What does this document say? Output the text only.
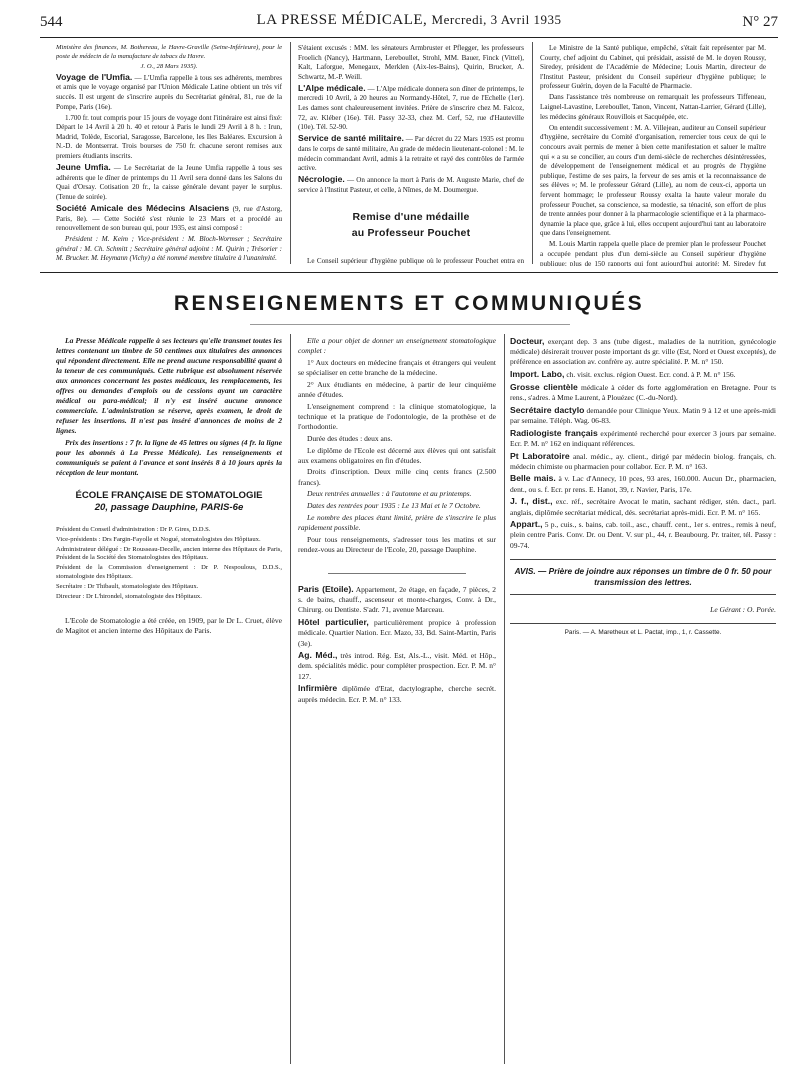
544	LA PRESSE MÉDICALE, Mercredi, 3 Avril 1935	N° 27

Ministère des finances, M. Bothereau, le Havre-Graville (Seine-Inférieure), pour le poste de médecin de la manufacture de tabacs du Havre.

J. O., 28 Mars 1935).

Voyage de l'Umfia. — L'Umfia rappelle à tous ses adhérents, membres et amis que le voyage organisé par l'Union Médicale Latine obtient un très vif succès. Il est urgent de s'inscrire auprès du Secrétariat général, 81, rue de la Pompe, Paris (16e).

1.700 fr. tout compris pour 15 jours de voyage dont l'itinéraire est ainsi fixé: Départ le 14 Avril à 20 h. 40 et retour à Paris le lundi 29 Avril à 8 h. : Irun, Madrid, Tolède, Escorial, Saragosse, Barcelone, les Iles Baléares. Excursion à N.-D. de Montserrat. Trois bourses de 750 fr. chacune seront remises aux premiers étudiants inscrits.

Jeune Umfia. — Le Secrétariat de la Jeune Umfia rappelle à tous ses adhérents que le dîner de printemps du 11 Avril sera donné dans les Salons du Quai d'Orsay. Cotisation 20 fr., la caisse générale devant payer le surplus. (Tenue de soirée).

Société Amicale des Médecins Alsaciens (9, rue d'Astorg, Paris, 8e). — Cette Société s'est réunie le 23 Mars et a procédé au renouvellement de son bureau qui, pour 1935, est ainsi composé :

Président : M. Keim ; Vice-président : M. Bloch-Wormser ; Secrétaire général : M. Ch. Schmitt ; Secrétaire général adjoint : M. Quirin ; Trésorier : M. Brucker. M. Heymann (Vichy) a été nommé membre titulaire à l'unanimité.

S'étaient excusés : MM. les sénateurs Armbruster et Pflegger, les professeurs Froelich (Nancy), Hartmann, Lereboullet, Strohl, MM. Bauer, Finck (Vittel), Kalt, Laforgue, Menegaux, Merklen (Aix-les-Bains), Quirin, Brucker, A. Schwartz, M.-P. Weill.

L'Alpe médicale. — L'Alpe médicale donnera son dîner de printemps, le mercredi 10 Avril, à 20 heures au Normandy-Hôtel, 7, rue de l'Echelle (1er). Les dames sont chaleureusement invitées. Prière de s'inscrire chez M. Falcoz, 72, av. Kléber (16e). Tél. Passy 32-33, chez M. Cerf, 52, rue d'Hauteville (10e). Tél. 52-90.

Service de santé militaire. — Par décret du 22 Mars 1935 est promu dans le corps de santé militaire, Au grade de médecin lieutenant-colonel : M. le médecin commandant Avril, admis à la retraite et rayé des contrôles de l'armée active.

Nécrologie. — On annonce la mort à Paris de M. Auguste Marie, chef de service à l'Institut Pasteur, et celle, à Nîmes, de M. Doumergue.

Remise d'une médaille
au Professeur Pouchet

Le Conseil supérieur d'hygiène publique où le professeur Pouchet entra en

Le Ministre de la Santé publique, empêché, s'était fait représenter par M. Courty, chef adjoint du Cabinet, qui présidait, assisté de M. le doyen Roussy, Siredey, président de l'Académie de Médecine; Louis Martin, directeur de l'Institut Pasteur, président du Conseil supérieur d'hygiène publique; le professeur Guérin, doyen de la Faculté de Pharmacie.

Dans l'assistance très nombreuse on remarquait les professeurs Tiffeneau, Laignel-Lavastine, Lereboullet, Tanon, Vincent, Nattan-Larrier, Gérard (Lille), les médecins généraux Rouvillois et Sacquépée, etc.

On entendit successivement : M. A. Villejean, auditeur au Conseil supérieur d'hygiène, secrétaire du Comité d'organisation, remercier tous ceux de qui le concours avait permis de mener à bien cette manifestation et saluer le maître qui « a su se concilier, au cours d'un demi-siècle de recherches désintéressées, de développement de l'enseignement médical et au progrès de l'hygiène publique, l'estime de ses pairs, la ferveur de ses amis et la reconnaissance de ses élèves »; M. le professeur Gérard (Lille), au nom de ceux-ci, apporta un fervent hommage; le professeur Roussy exalta la haute valeur morale du professeur Pouchet, sa conscience, sa modestie, sa ténacité, son effort de plus de trente années pour donner à la pharmacologie scientifique et à la pharmaco-dynamie la place que, grâce à lui, elles occupent aujourd'hui tant au laboratoire que dans l'enseignement.

M. Louis Martin rappela quelle place de premier plan le professeur Pouchet a occupée pendant plus d'un demi-siècle au Conseil supérieur d'hygiène publique: plus de 150 rapports qui font aujourd'hui autorité; M. Siredey fut

RENSEIGNEMENTS ET COMMUNIQUÉS

La Presse Médicale rappelle à ses lecteurs qu'elle transmet toutes les lettres contenant un timbre de 50 centimes aux titulaires des annonces qui répondent directement. Elle ne prend aucune responsabilité quant à la teneur de ces communiqués. Cette rubrique est absolument réservée aux annonces concernant les postes médicaux, les remplacements, les offres ou demandes d'emplois ou de cessions ayant un caractère médical ou para-médical; il n'y est inséré aucune annonce commerciale. L'administration se réserve, après examen, le droit de refuser les insertions. Il n'est pas inséré d'annonces de moins de 2 lignes.

Prix des insertions : 7 fr. la ligne de 45 lettres ou signes (4 fr. la ligne pour les abonnés à La Presse Médicale). Les renseignements et communiqués se paient à l'avance et sont insérés 8 à 10 jours après la réception de leur montant.

ÉCOLE FRANÇAISE DE STOMATOLOGIE
20, passage Dauphine, PARIS-6e

Président du Conseil d'administration : Dr P. Gires, D.D.S.

Vice-présidents : Drs Fargin-Fayolle et Nogué, stomatologistes des Hôpitaux.

Administrateur délégué : Dr Rousseau-Decelle, ancien interne des Hôpitaux de Paris, Président de la Société des Stomatologistes des Hôpitaux.

Président de la Commission d'enseignement : Dr P. Nespoulous, D.D.S., stomatologiste des Hôpitaux.

Secrétaire : Dr Thibault, stomatologiste des Hôpitaux.

Directeur : Dr L'hirondel, stomatologiste des Hôpitaux.

L'Ecole de Stomatologie a été créée, en 1909, par le Dr L. Cruet, élève de Magitot et ancien interne des Hôpitaux de Paris.

Elle a pour objet de donner un enseignement stomatologique complet :

1° Aux docteurs en médecine français et étrangers qui veulent se spécialiser en cette branche de la médecine.

2° Aux étudiants en médecine, à partir de leur cinquième année d'études.

L'enseignement comprend : la clinique stomatologique, la technique et la pratique de l'odontologie, de la prothèse et de l'orthodontie.

Durée des études : deux ans.

Le diplôme de l'Ecole est décerné aux élèves qui ont satisfait aux examens obligatoires en fin d'études.

Droits d'inscription. Deux mille cinq cents francs (2.500 francs).

Deux rentrées annuelles : à l'automne et au printemps.

Dates des rentrées pour 1935 : Le 13 Mai et le 7 Octobre.

Le nombre des places étant limité, prière de s'inscrire le plus rapidement possible.

Pour tous renseignements, s'adresser tous les matins et sur rendez-vous au Directeur de l'Ecole, 20, passage Dauphine.

Paris (Etoile). Appartement, 2e étage, en façade, 7 pièces, 2 s. de bains, chauff., ascenseur et monte-charges, Conv. à Dr., Chirurg. ou Dentiste. S'adr. 71, avenue Marceau.

Hôtel particulier, particulièrement propice à profession médicale. Quartier Nation. Ecr. Mazo, 33, Bd. Saint-Martin, Paris (3e).

Ag. Méd., très introd. Rég. Est, Als.-L., visit. Méd. et Hôp., dem. spécialités médic. pour compléter prospection. Ecr. P. M. n° 127.

Infirmière diplômée d'Etat, dactylographe, cherche secrét. auprès médecin. Ecr. P. M. n° 133.

Docteur, exerçant dep. 3 ans (tube digest., maladies de la nutrition, gynécologie médicale) désirerait trouver poste important ds gr. ville (Est, Nord et Ouest exceptés), de préférence en association av. confrère ay. autre spécialité. P. M. n° 150.

Import. Labo, ch. visit. exclus. région Ouest. Ecr. cond. à P. M. n° 156.

Grosse clientèle médicale à céder ds forte agglomération en Bretagne. Pour ts rens., s'adres. à Mme Laurent, à Plouézec (C.-du-Nord).

Secrétaire dactylo demandée pour Clinique Yeux. Matin 9 à 12 et une après-midi par semaine. Téléph. Wag. 06-83.

Radiologiste français expérimenté recherché pour exercer 3 jours par semaine. Ecr. P. M. n° 162 en indiquant références.

Pt Laboratoire anal. médic., ay. client., dirigé par médecin biolog. français, ch. médecin chimiste ou pharmacien pour collabor. Ecr. P. M. n° 163.

Belle mais. à v. Lac d'Annecy, 10 pces, 93 ares, 160.000. Aucun Dr., pharmacien, dent., ou s. f. Ecr. pr rens. E. Hanot, 39, r. Navier, Paris, 17e.

J. f., dist., exc. réf., secrétaire Avocat le matin, sachant rédiger, stén. dact., parl. anglais, diplômée secrétariat médical, dés. secrétariat après-midi. Ecr. P. M. n° 165.

Appart., 5 p., cuis., s. bains, cab. toil., asc., chauff. cent., 1er s. entres., remis à neuf, plein centre Paris. Conv. Dr. ou Dent. V. sur pl., 44, r. Beaubourg. Pr. traiter, tél. Passy : 09-74.

AVIS. — Prière de joindre aux réponses un timbre de 0 fr. 50 pour transmission des lettres.
Le Gérant : O. Porée.
Paris. — A. Maretheux et L. Pactat, imp., 1, r. Cassette.
